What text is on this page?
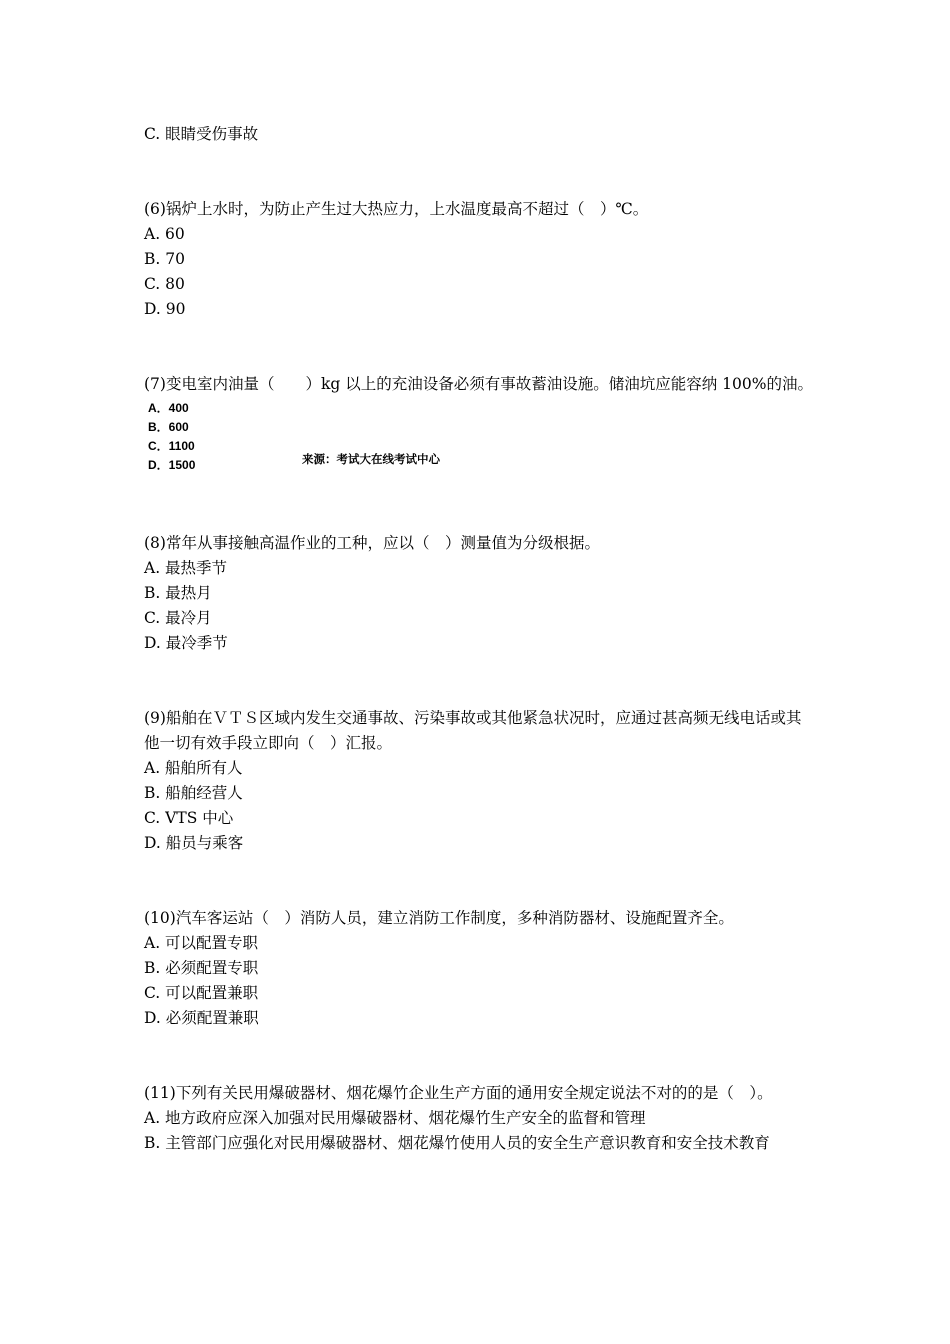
C. 眼睛受伤事故
(6)锅炉上水时，为防止产生过大热应力，上水温度最高不超过（　）℃。
A. 60
B. 70
C. 80
D. 90
(7)变电室内油量（　　）kg 以上的充油设备必须有事故蓄油设施。储油坑应能容纳 100%的油。
A．400
B．600
C．1100
D．1500	来源：考试大在线考试中心
(8)常年从事接触高温作业的工种，应以（　）测量值为分级根据。
A. 最热季节
B. 最热月
C. 最冷月
D. 最冷季节
(9)船舶在ＶＴＳ区域内发生交通事故、污染事故或其他紧急状况时，应通过甚高频无线电话或其他一切有效手段立即向（　）汇报。
A. 船舶所有人
B. 船舶经营人
C. VTS 中心
D. 船员与乘客
(10)汽车客运站（　）消防人员，建立消防工作制度，多种消防器材、设施配置齐全。
A. 可以配置专职
B. 必须配置专职
C. 可以配置兼职
D. 必须配置兼职
(11)下列有关民用爆破器材、烟花爆竹企业生产方面的通用安全规定说法不对的的是（　）。
A. 地方政府应深入加强对民用爆破器材、烟花爆竹生产安全的监督和管理
B. 主管部门应强化对民用爆破器材、烟花爆竹使用人员的安全生产意识教育和安全技术教育
